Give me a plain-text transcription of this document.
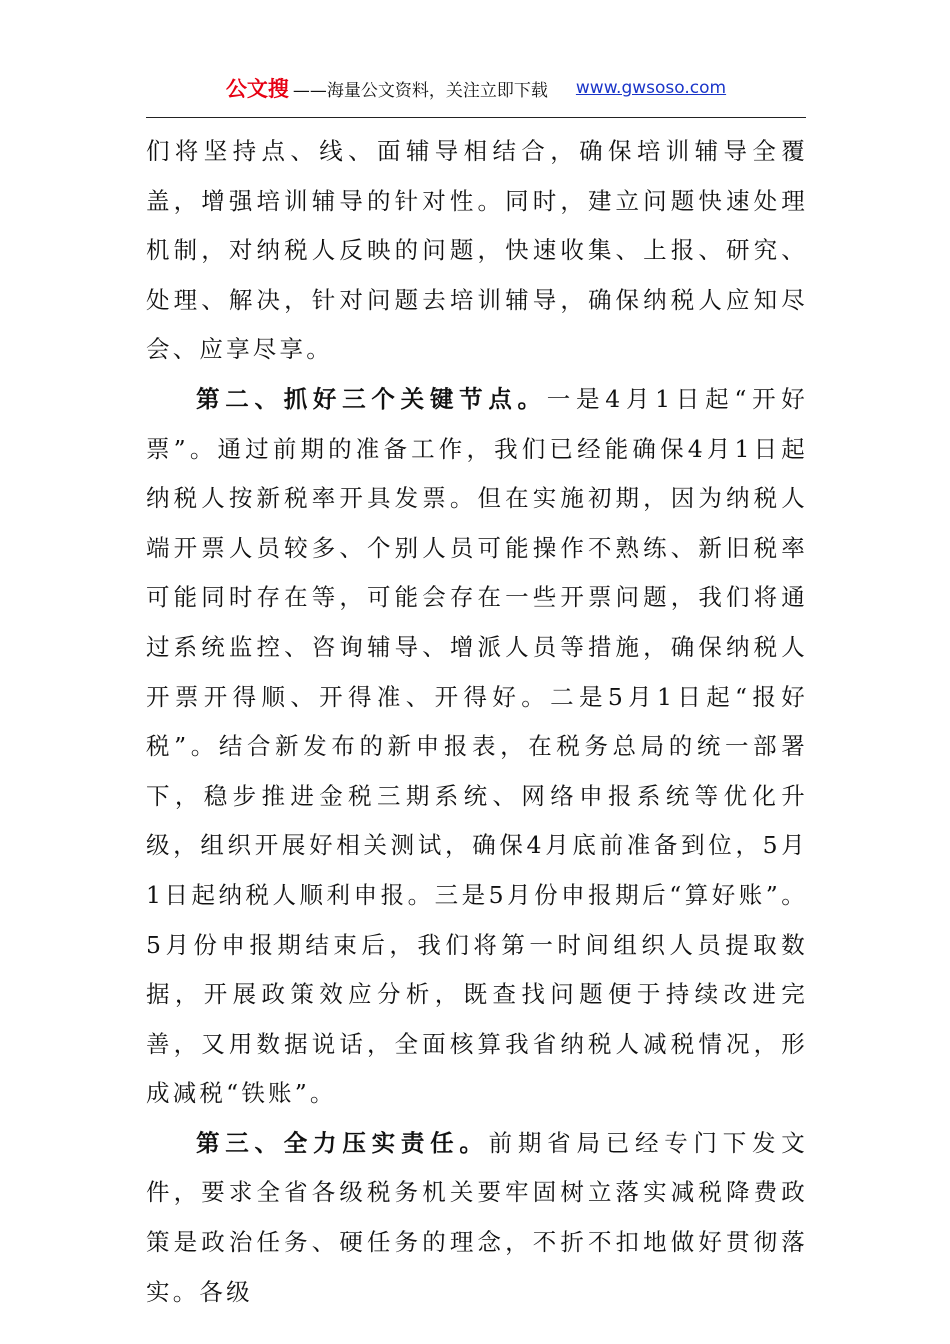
公文搜 ——海量公文资料，关注立即下载 www.gwsoso.com

们将坚持点、线、面辅导相结合，确保培训辅导全覆盖，增强培训辅导的针对性。同时，建立问题快速处理机制，对纳税人反映的问题，快速收集、上报、研究、处理、解决，针对问题去培训辅导，确保纳税人应知尽会、应享尽享。

第二、抓好三个关键节点。一是4月1日起“开好票”。通过前期的准备工作，我们已经能确保4月1日起纳税人按新税率开具发票。但在实施初期，因为纳税人端开票人员较多、个别人员可能操作不熟练、新旧税率可能同时存在等，可能会存在一些开票问题，我们将通过系统监控、咨询辅导、增派人员等措施，确保纳税人开票开得顺、开得准、开得好。二是5月1日起“报好税”。结合新发布的新申报表，在税务总局的统一部署下，稳步推进金税三期系统、网络申报系统等优化升级，组织开展好相关测试，确保4月底前准备到位，5月1日起纳税人顺利申报。三是5月份申报期后“算好账”。5月份申报期结束后，我们将第一时间组织人员提取数据，开展政策效应分析，既查找问题便于持续改进完善，又用数据说话，全面核算我省纳税人减税情况，形成减税“铁账”。

第三、全力压实责任。前期省局已经专门下发文件，要求全省各级税务机关要牢固树立落实减税降费政策是政治任务、硬任务的理念，不折不扣地做好贯彻落实。各级
